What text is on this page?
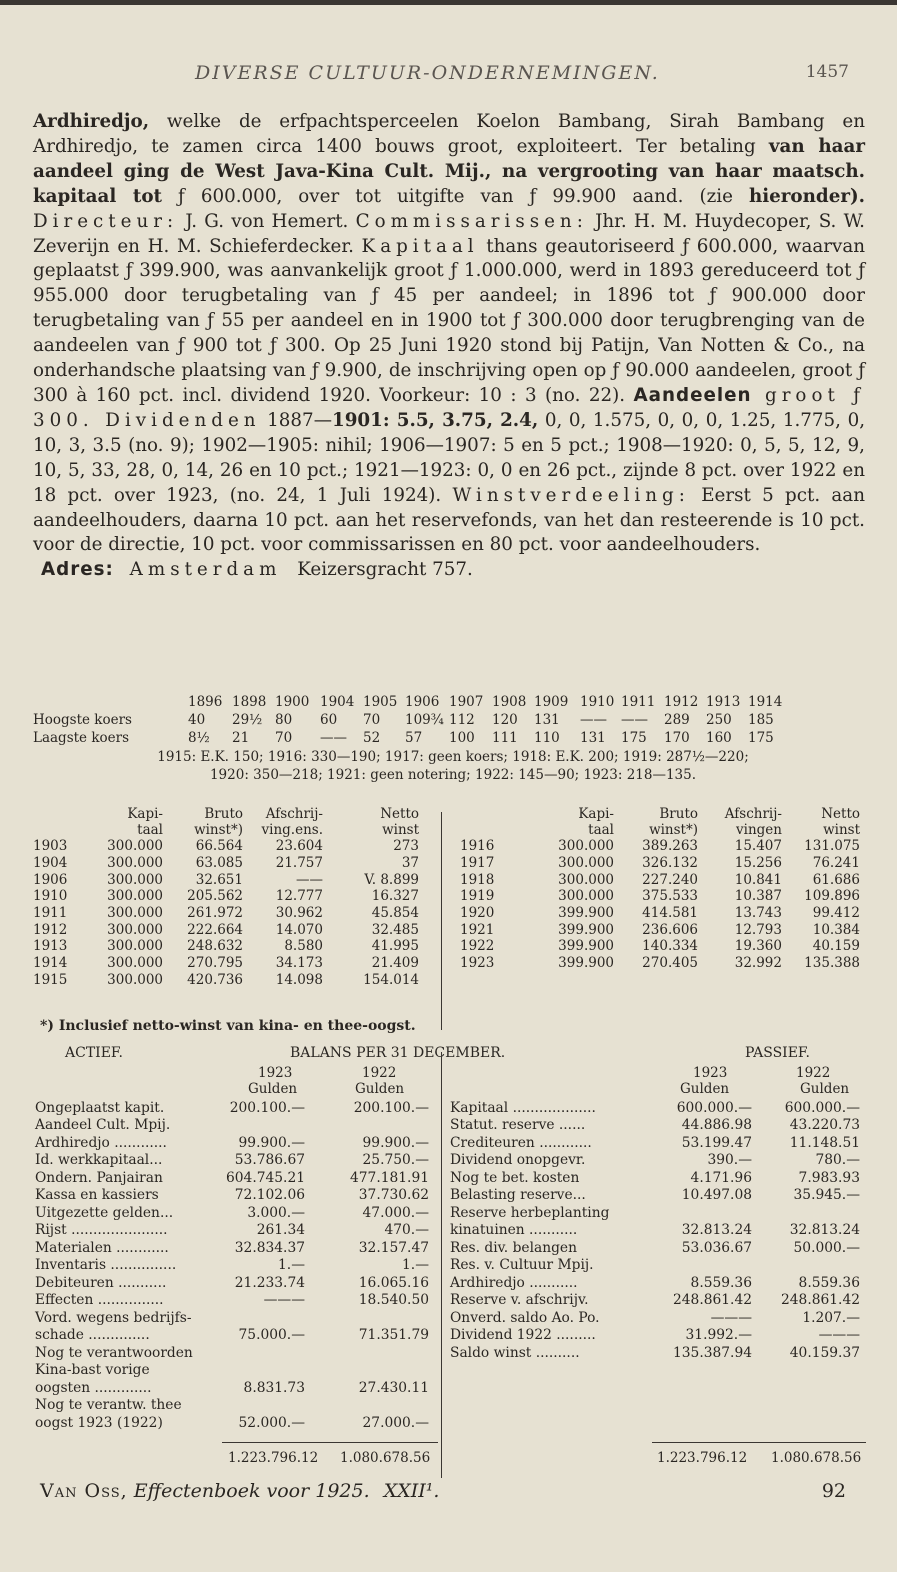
DIVERSE CULTUUR-ONDERNEMINGEN.	1457

Ardhiredjo, welke de erfpachtsperceelen Koelon Bambang, Sirah Bambang en Ardhiredjo, te zamen circa 1400 bouws groot, exploiteert. Ter betaling van haar aandeel ging de West Java-Kina Cult. Mij., na vergrooting van haar maatsch. kapitaal tot ƒ 600.000, over tot uitgifte van ƒ 99.900 aand. (zie hieronder). Directeur: J. G. von Hemert. Commissarissen: Jhr. H. M. Huydecoper, S. W. Zeverijn en H. M. Schieferdecker. Kapitaal thans geautoriseerd ƒ 600.000, waarvan geplaatst ƒ 399.900, was aanvankelijk groot ƒ 1.000.000, werd in 1893 gereduceerd tot ƒ 955.000 door terugbetaling van ƒ 45 per aandeel; in 1896 tot ƒ 900.000 door terugbetaling van ƒ 55 per aandeel en in 1900 tot ƒ 300.000 door terugbrenging van de aandeelen van ƒ 900 tot ƒ 300. Op 25 Juni 1920 stond bij Patijn, Van Notten & Co., na onderhandsche plaatsing van ƒ 9.900, de inschrijving open op ƒ 90.000 aandeelen, groot ƒ 300 à 160 pct. incl. dividend 1920. Voorkeur: 10 : 3 (no. 22). Aandeelen groot ƒ 300. Dividenden 1887—1901: 5.5, 3.75, 2.4, 0, 0, 1.575, 0, 0, 0, 1.25, 1.775, 0, 10, 3, 3.5 (no. 9); 1902—1905: nihil; 1906—1907: 5 en 5 pct.; 1908—1920: 0, 5, 5, 12, 9, 10, 5, 33, 28, 0, 14, 26 en 10 pct.; 1921—1923: 0, 0 en 26 pct., zijnde 8 pct. over 1922 en 18 pct. over 1923, (no. 24, 1 Juli 1924). Winstverdeeling: Eerst 5 pct. aan aandeelhouders, daarna 10 pct. aan het reservefonds, van het dan resteerende is 10 pct. voor de directie, 10 pct. voor commissarissen en 80 pct. voor aandeelhouders.

Adres: Amsterdam Keizersgracht 757.

1896 1898 1900 1904 1905 1906 1907 1908 1909 1910 1911 1912 1913 1914
Hoogste koers	40 29½ 80 60 70 109¾ 112 120 131 —— —— 289 250 185
Laagste koers	8½ 21 70 —— 52 57 100 111 110 131 175 170 160 175
1915: E.K. 150; 1916: 330—190; 1917: geen koers; 1918: E.K. 200; 1919: 287½—220;
1920: 350—218; 1921: geen notering; 1922: 145—90; 1923: 218—135.
	Kapi-	Bruto	Afschrij-	Netto
	taal	winst*)	ving.ens.	winst
1903	300.000	66.564	23.604	273
1904	300.000	63.085	21.757	37
1906	300.000	32.651	——	V. 8.899
1910	300.000	205.562	12.777	16.327
1911	300.000	261.972	30.962	45.854
1912	300.000	222.664	14.070	32.485
1913	300.000	248.632	8.580	41.995
1914	300.000	270.795	34.173	21.409
1915	300.000	420.736	14.098	154.014
	Kapi-	Bruto	Afschrij-	Netto
	taal	winst*)	vingen	winst
1916	300.000	389.263	15.407	131.075
1917	300.000	326.132	15.256	76.241
1918	300.000	227.240	10.841	61.686
1919	300.000	375.533	10.387	109.896
1920	399.900	414.581	13.743	99.412
1921	399.900	236.606	12.793	10.384
1922	399.900	140.334	19.360	40.159
1923	399.900	270.405	32.992	135.388
*) Inclusief netto-winst van kina- en thee-oogst.
ACTIEF.	BALANS PER 31 DECEMBER.	PASSIEF.
1923	1922
Gulden	Gulden
1923	1922
Gulden	Gulden
Ongeplaatst kapit.	200.100.—	200.100.—
Aandeel Cult. Mpij.		
Ardhiredjo ............	99.900.—	99.900.—
Id. werkkapitaal...	53.786.67	25.750.—
Ondern. Panjairan	604.745.21	477.181.91
Kassa en kassiers	72.102.06	37.730.62
Uitgezette gelden...	3.000.—	47.000.—
Rijst ......................	261.34	470.—
Materialen ............	32.834.37	32.157.47
Inventaris ...............	1.—	1.—
Debiteuren ...........	21.233.74	16.065.16
Effecten ...............	———	18.540.50
Vord. wegens bedrijfs-		
schade ..............	75.000.—	71.351.79
Nog te verantwoorden		
Kina-bast vorige		
oogsten .............	8.831.73	27.430.11
Nog te verantw. thee		
oogst 1923 (1922)	52.000.—	27.000.—
Kapitaal ...................	600.000.—	600.000.—
Statut. reserve ......	44.886.98	43.220.73
Crediteuren ............	53.199.47	11.148.51
Dividend onopgevr.	390.—	780.—
Nog te bet. kosten	4.171.96	7.983.93
Belasting reserve...	10.497.08	35.945.—
Reserve herbeplanting		
kinatuinen ...........	32.813.24	32.813.24
Res. div. belangen	53.036.67	50.000.—
Res. v. Cultuur Mpij.		
Ardhiredjo ...........	8.559.36	8.559.36
Reserve v. afschrijv.	248.861.42	248.861.42
Onverd. saldo Ao. Po.	———	1.207.—
Dividend 1922 .........	31.992.—	———
Saldo winst ..........	135.387.94	40.159.37
1.223.796.12 1.080.678.56	1.223.796.12 1.080.678.56
Van Oss, Effectenboek voor 1925. XXII¹.	92
